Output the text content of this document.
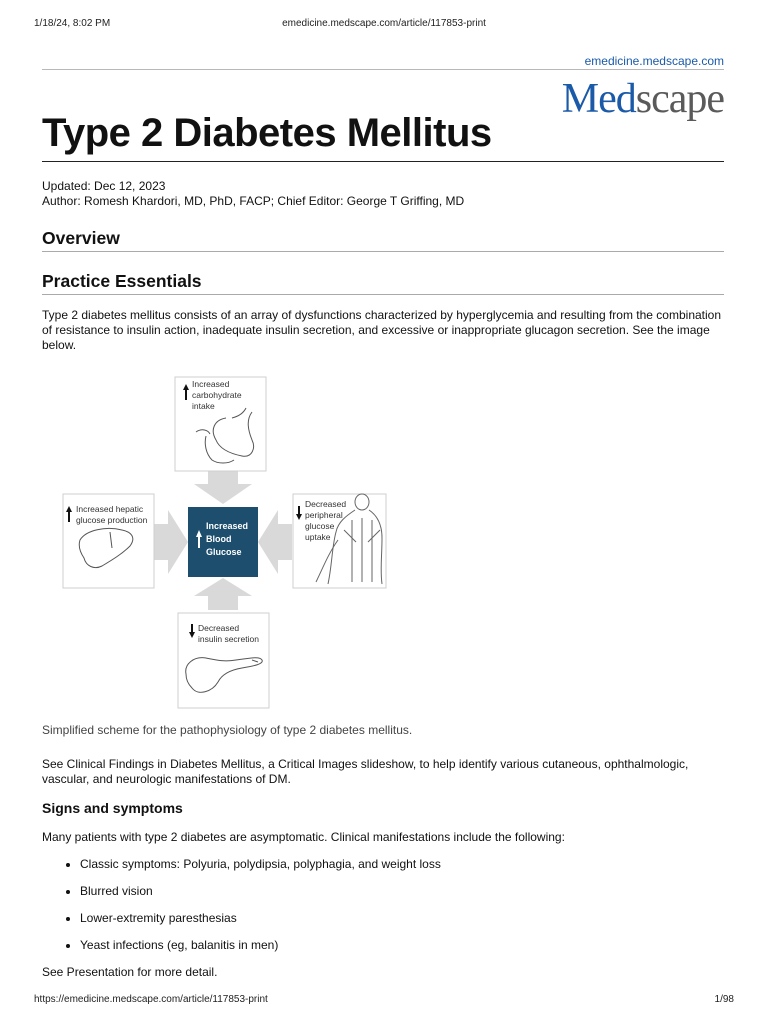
1/18/24, 8:02 PM	emedicine.medscape.com/article/117853-print
emedicine.medscape.com
Medscape
Type 2 Diabetes Mellitus
Updated: Dec 12, 2023
Author: Romesh Khardori, MD, PhD, FACP; Chief Editor: George T Griffing, MD
Overview
Practice Essentials
Type 2 diabetes mellitus consists of an array of dysfunctions characterized by hyperglycemia and resulting from the combination of resistance to insulin action, inadequate insulin secretion, and excessive or inappropriate glucagon secretion. See the image below.
Increased
carbohydrate
intake
Increased hepatic
glucose production
Decreased
peripheral
glucose
uptake
Decreased
insulin secretion
Increased
Blood
Glucose
Simplified scheme for the pathophysiology of type 2 diabetes mellitus.
See Clinical Findings in Diabetes Mellitus, a Critical Images slideshow, to help identify various cutaneous, ophthalmologic, vascular, and neurologic manifestations of DM.
Signs and symptoms
Many patients with type 2 diabetes are asymptomatic. Clinical manifestations include the following:
• Classic symptoms: Polyuria, polydipsia, polyphagia, and weight loss
• Blurred vision
• Lower-extremity paresthesias
• Yeast infections (eg, balanitis in men)
See Presentation for more detail.
https://emedicine.medscape.com/article/117853-print	1/98
